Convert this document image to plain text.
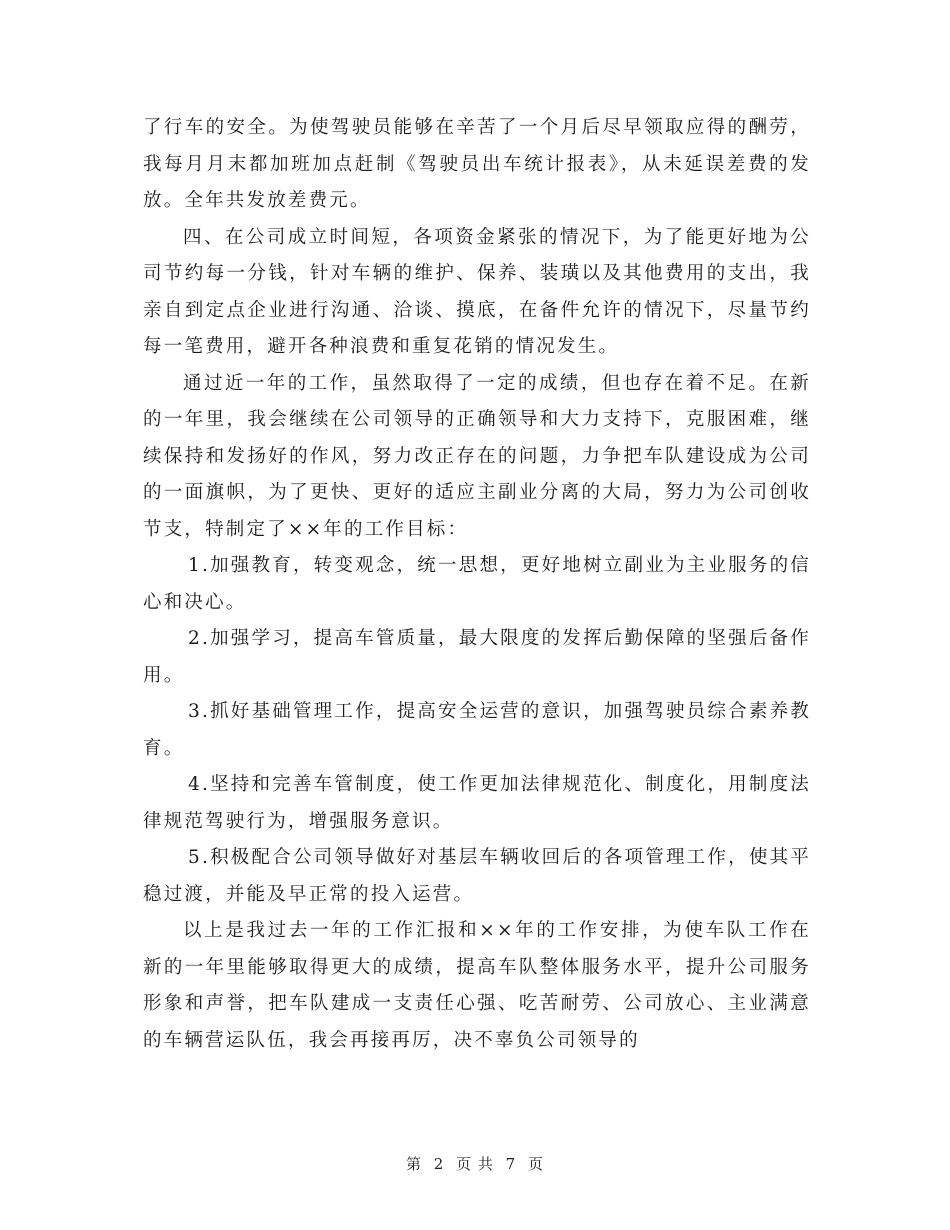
了行车的安全。为使驾驶员能够在辛苦了一个月后尽早领取应得的酬劳，我每月月末都加班加点赶制《驾驶员出车统计报表》，从未延误差费的发放。全年共发放差费元。

四、在公司成立时间短，各项资金紧张的情况下，为了能更好地为公司节约每一分钱，针对车辆的维护、保养、装璜以及其他费用的支出，我亲自到定点企业进行沟通、洽谈、摸底，在备件允许的情况下，尽量节约每一笔费用，避开各种浪费和重复花销的情况发生。

通过近一年的工作，虽然取得了一定的成绩，但也存在着不足。在新的一年里，我会继续在公司领导的正确领导和大力支持下，克服困难，继续保持和发扬好的作风，努力改正存在的问题，力争把车队建设成为公司的一面旗帜，为了更快、更好的适应主副业分离的大局，努力为公司创收节支，特制定了××年的工作目标：

1.加强教育，转变观念，统一思想，更好地树立副业为主业服务的信心和决心。

2.加强学习，提高车管质量，最大限度的发挥后勤保障的坚强后备作用。

3.抓好基础管理工作，提高安全运营的意识，加强驾驶员综合素养教育。

4.坚持和完善车管制度，使工作更加法律规范化、制度化，用制度法律规范驾驶行为，增强服务意识。

5.积极配合公司领导做好对基层车辆收回后的各项管理工作，使其平稳过渡，并能及早正常的投入运营。

以上是我过去一年的工作汇报和××年的工作安排，为使车队工作在新的一年里能够取得更大的成绩，提高车队整体服务水平，提升公司服务形象和声誉，把车队建成一支责任心强、吃苦耐劳、公司放心、主业满意的车辆营运队伍，我会再接再厉，决不辜负公司领导的

第 2 页 共 7 页
